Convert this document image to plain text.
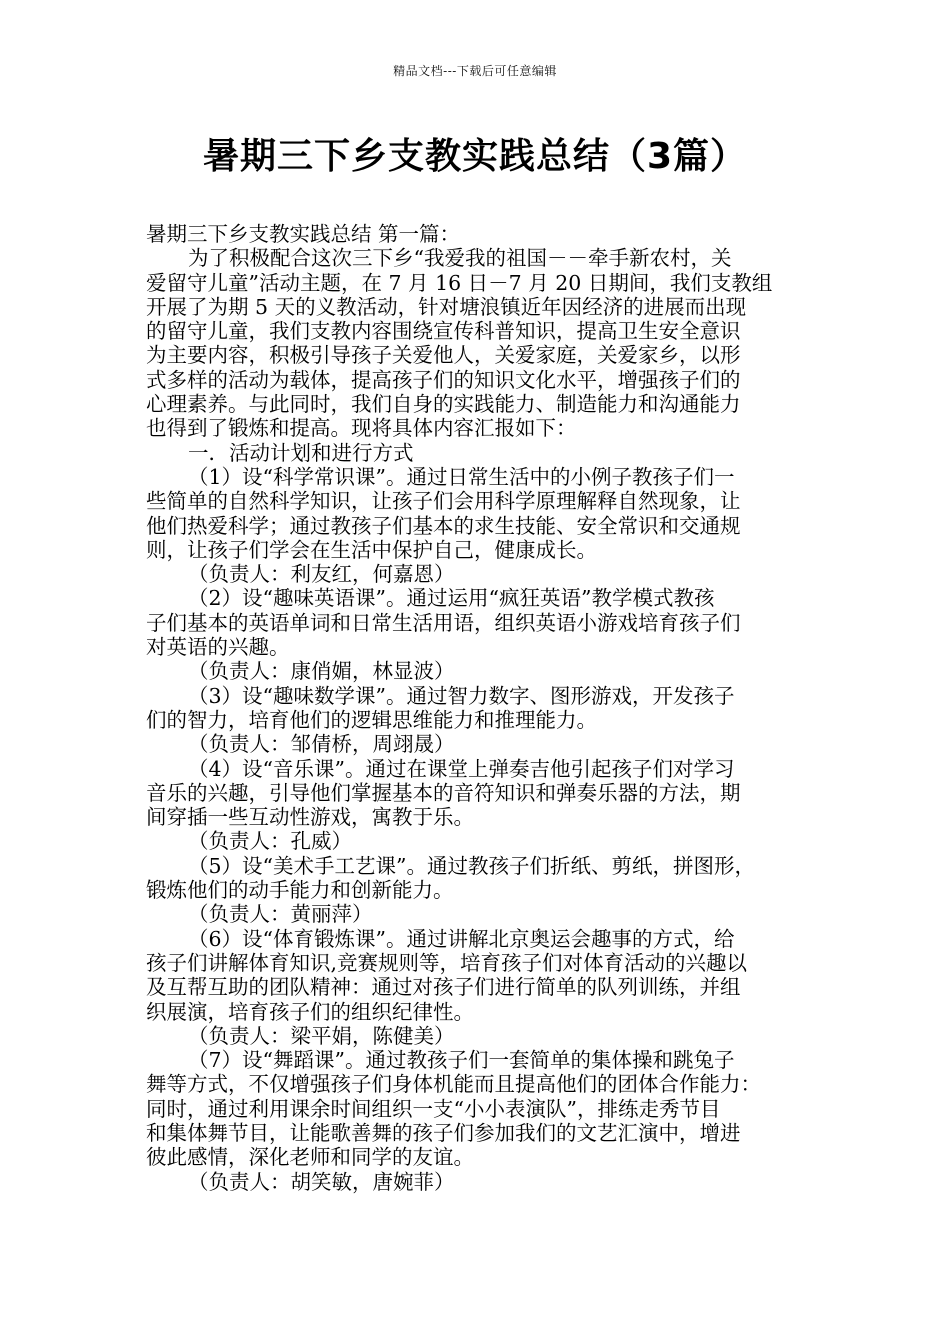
精品文档---下载后可任意编辑
暑期三下乡支教实践总结（3篇）

暑期三下乡支教实践总结 第一篇：

为了积极配合这次三下乡“我爱我的祖国－－牵手新农村，关

爱留守儿童”活动主题，在 7 月 16 日－7 月 20 日期间，我们支教组

开展了为期 5 天的义教活动，针对塘浪镇近年因经济的进展而出现

的留守儿童，我们支教内容围绕宣传科普知识，提高卫生安全意识

为主要内容，积极引导孩子关爱他人，关爱家庭，关爱家乡，以形

式多样的活动为载体，提高孩子们的知识文化水平，增强孩子们的

心理素养。与此同时，我们自身的实践能力、制造能力和沟通能力

也得到了锻炼和提高。现将具体内容汇报如下：

一．活动计划和进行方式

（1）设“科学常识课”。通过日常生活中的小例子教孩子们一

些简单的自然科学知识，让孩子们会用科学原理解释自然现象，让

他们热爱科学；通过教孩子们基本的求生技能、安全常识和交通规

则，让孩子们学会在生活中保护自己，健康成长。

（负责人：利友红，何嘉恩）

（2）设“趣味英语课”。通过运用“疯狂英语”教学模式教孩

子们基本的英语单词和日常生活用语，组织英语小游戏培育孩子们

对英语的兴趣。

（负责人：康俏媚，林显波）

（3）设“趣味数学课”。通过智力数字、图形游戏，开发孩子

们的智力，培育他们的逻辑思维能力和推理能力。

（负责人：邹倩桥，周翊晟）

（4）设“音乐课”。通过在课堂上弹奏吉他引起孩子们对学习

音乐的兴趣，引导他们掌握基本的音符知识和弹奏乐器的方法，期

间穿插一些互动性游戏，寓教于乐。

（负责人：孔威）

（5）设“美术手工艺课”。通过教孩子们折纸、剪纸，拼图形，

锻炼他们的动手能力和创新能力。

（负责人：黄丽萍）

（6）设“体育锻炼课”。通过讲解北京奥运会趣事的方式，给

孩子们讲解体育知识,竞赛规则等，培育孩子们对体育活动的兴趣以

及互帮互助的团队精神：通过对孩子们进行简单的队列训练，并组

织展演，培育孩子们的组织纪律性。

（负责人：梁平娟，陈健美）

（7）设“舞蹈课”。通过教孩子们一套简单的集体操和跳兔子

舞等方式，不仅增强孩子们身体机能而且提高他们的团体合作能力：

同时，通过利用课余时间组织一支“小小表演队”，排练走秀节目

和集体舞节目，让能歌善舞的孩子们参加我们的文艺汇演中，增进

彼此感情，深化老师和同学的友谊。

（负责人：胡笑敏，唐婉菲）
